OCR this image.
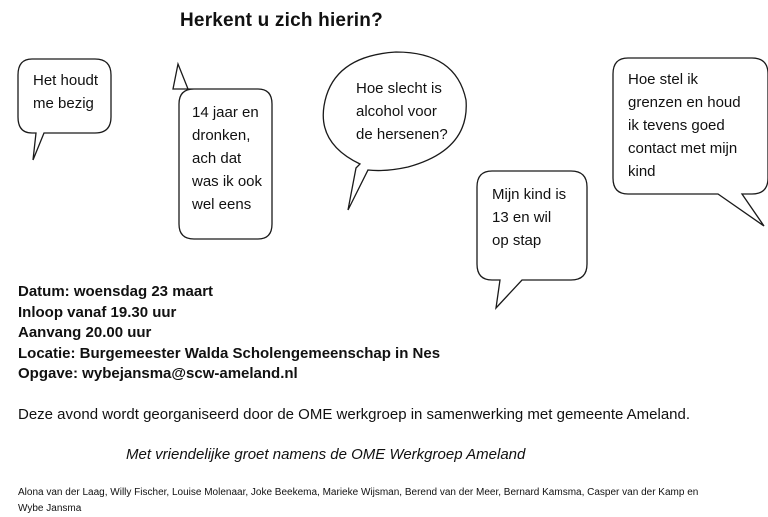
Herkent u zich hierin?
Het houdt
me bezig
14 jaar en
dronken,
ach dat
was ik ook
wel eens
Hoe slecht is
alcohol voor
de hersenen?
Mijn kind is
13 en wil
op stap
Hoe stel ik
grenzen en houd
ik tevens goed
contact met mijn
kind
Datum: woensdag 23 maart
Inloop vanaf 19.30 uur
Aanvang 20.00 uur
Locatie: Burgemeester Walda Scholengemeenschap in Nes
Opgave: wybejansma@scw-ameland.nl
Deze avond wordt georganiseerd door de OME werkgroep in samenwerking met gemeente Ameland.
Met vriendelijke groet namens de OME Werkgroep Ameland
Alona van der Laag, Willy Fischer, Louise Molenaar, Joke Beekema, Marieke Wijsman, Berend van der Meer, Bernard Kamsma, Casper van der Kamp en Wybe Jansma
